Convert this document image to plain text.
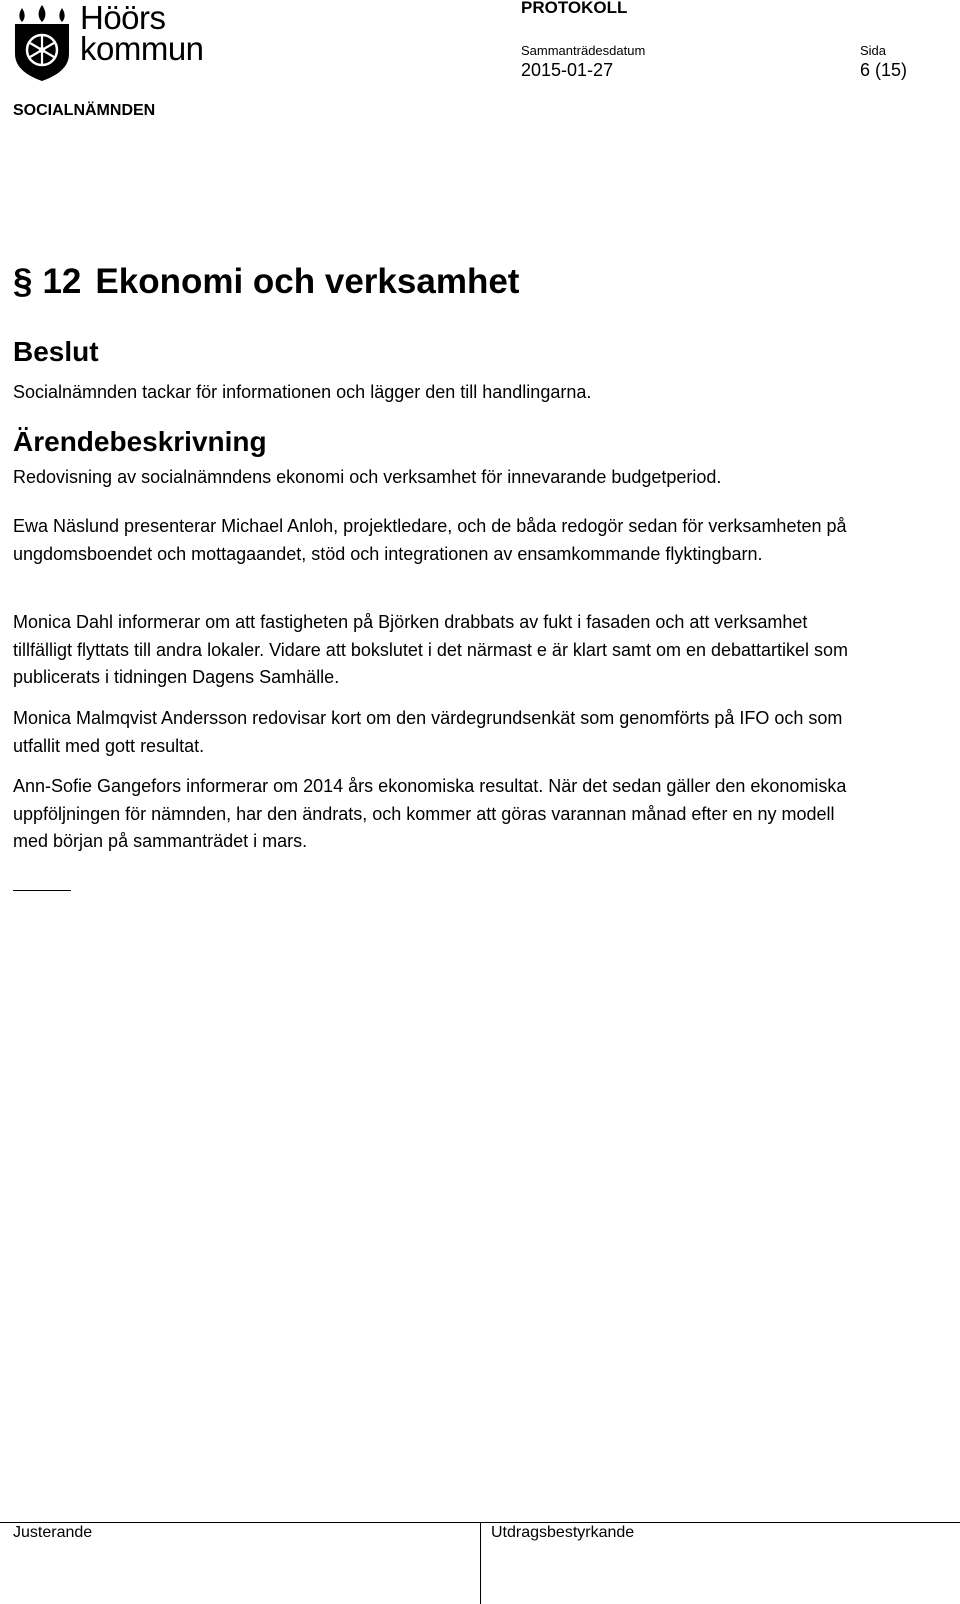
Höörs
kommun
PROTOKOLL
Sammanträdesdatum
2015-01-27
Sida
6 (15)
SOCIALNÄMNDEN
§ 12 Ekonomi och verksamhet
Beslut
Socialnämnden tackar för informationen och lägger den till handlingarna.
Ärendebeskrivning
Redovisning av socialnämndens ekonomi och verksamhet för innevarande budgetperiod.
Ewa Näslund presenterar Michael Anloh, projektledare, och de båda redogör sedan för verksamheten på ungdomsboendet och mottagaandet, stöd och integrationen av ensamkommande flyktingbarn.
Monica Dahl informerar om att fastigheten på Björken drabbats av fukt i fasaden och att verksamhet tillfälligt flyttats till andra lokaler. Vidare att bokslutet i det närmast e är klart samt om en debattartikel som publicerats i tidningen Dagens Samhälle.
Monica Malmqvist Andersson redovisar kort om den värdegrundsenkät som genomförts på IFO och som utfallit med gott resultat.
Ann-Sofie Gangefors informerar om 2014 års ekonomiska resultat. När det sedan gäller den ekonomiska uppföljningen för nämnden, har den ändrats, och kommer att göras varannan månad efter en ny modell med början på sammanträdet i mars.
Justerande	Utdragsbestyrkande
